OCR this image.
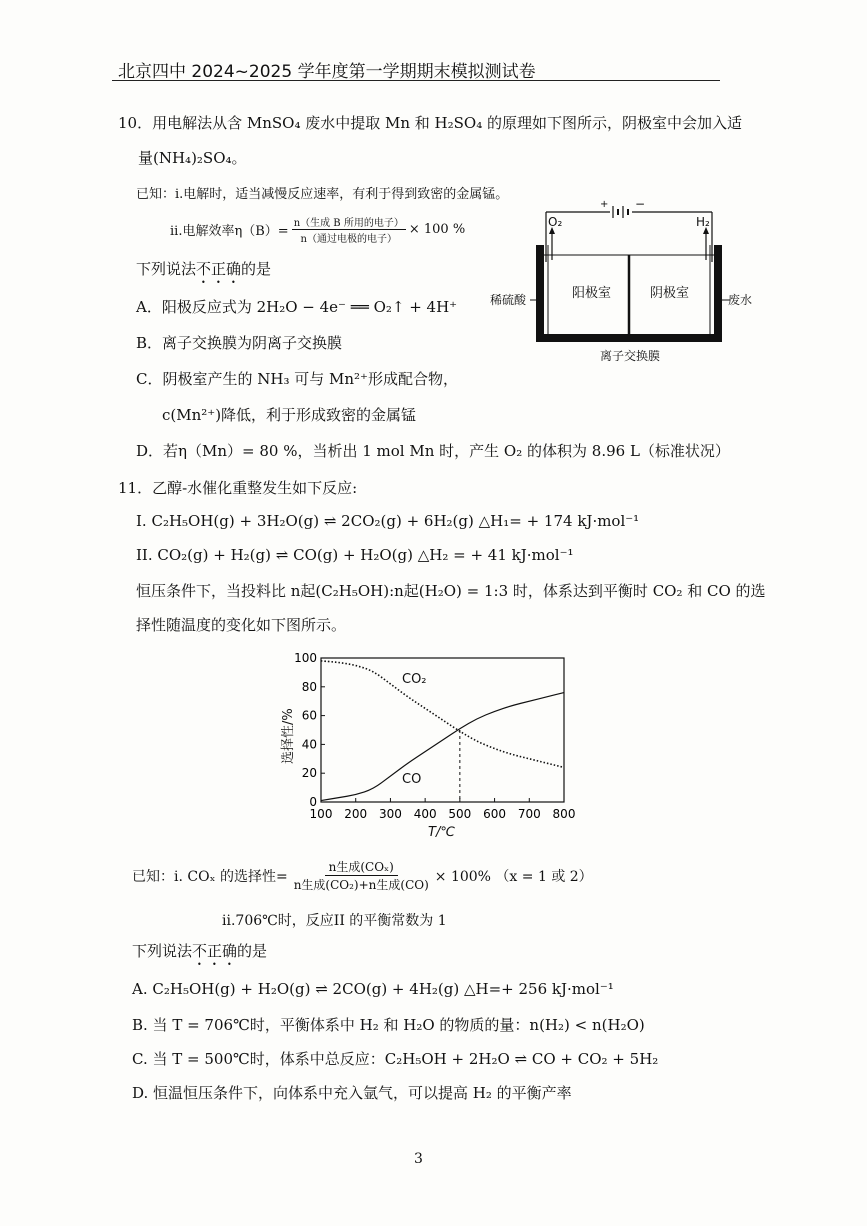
北京四中 2024~2025 学年度第一学期期末模拟测试卷
10．用电解法从含 MnSO₄ 废水中提取 Mn 和 H₂SO₄ 的原理如下图所示，阴极室中会加入适
量(NH₄)₂SO₄。
已知：i.电解时，适当减慢反应速率，有利于得到致密的金属锰。
ii.电解效率$\eta(B)= \frac{\text{n（生成 B 所用的电子）}}{\text{n（通过电极的电子）}} \times 100$ %
下列说法不正确的是
A．阳极反应式为 2H₂O − 4e⁻ ══ O₂↑ + 4H⁺
B．离子交换膜为阴离子交换膜
C．阴极室产生的 NH₃ 可与 Mn²⁺形成配合物，
c(Mn²⁺)降低，利于形成致密的金属锰
D．若η（Mn）= 80 %，当析出 1 mol Mn 时，产生 O₂ 的体积为 8.96 L（标准状况）
+ −
O₂	H₂
阳极室	阴极室
稀硫酸	废水
离子交换膜
11．乙醇-水催化重整发生如下反应:
I. C₂H₅OH(g) + 3H₂O(g) ⇌ 2CO₂(g) + 6H₂(g) △H₁= + 174 kJ·mol⁻¹
II. CO₂(g) + H₂(g) ⇌ CO(g) + H₂O(g) △H₂ = + 41 kJ·mol⁻¹
恒压条件下，当投料比 n起(C₂H₅OH):n起(H₂O) = 1:3 时，体系达到平衡时 CO₂ 和 CO 的选
择性随温度的变化如下图所示。
0
20
40
60
80
100
100 200 300 400 500 600 700 800
CO₂
CO
T/℃
选择性/%
已知：i. COₓ 的选择性= $\frac{\text{n生成(COₓ)}}{\text{n生成(CO₂)+n生成(CO)}} \times 100\%$ （x = 1 或 2）
ii.706℃时，反应II 的平衡常数为 1
下列说法不正确的是
A. C₂H₅OH(g) + H₂O(g) ⇌ 2CO(g) + 4H₂(g) △H=+ 256 kJ·mol⁻¹
B. 当 T = 706℃时，平衡体系中 H₂ 和 H₂O 的物质的量：n(H₂) < n(H₂O)
C. 当 T = 500℃时，体系中总反应：C₂H₅OH + 2H₂O ⇌ CO + CO₂ + 5H₂
D. 恒温恒压条件下，向体系中充入氩气，可以提高 H₂ 的平衡产率
3
